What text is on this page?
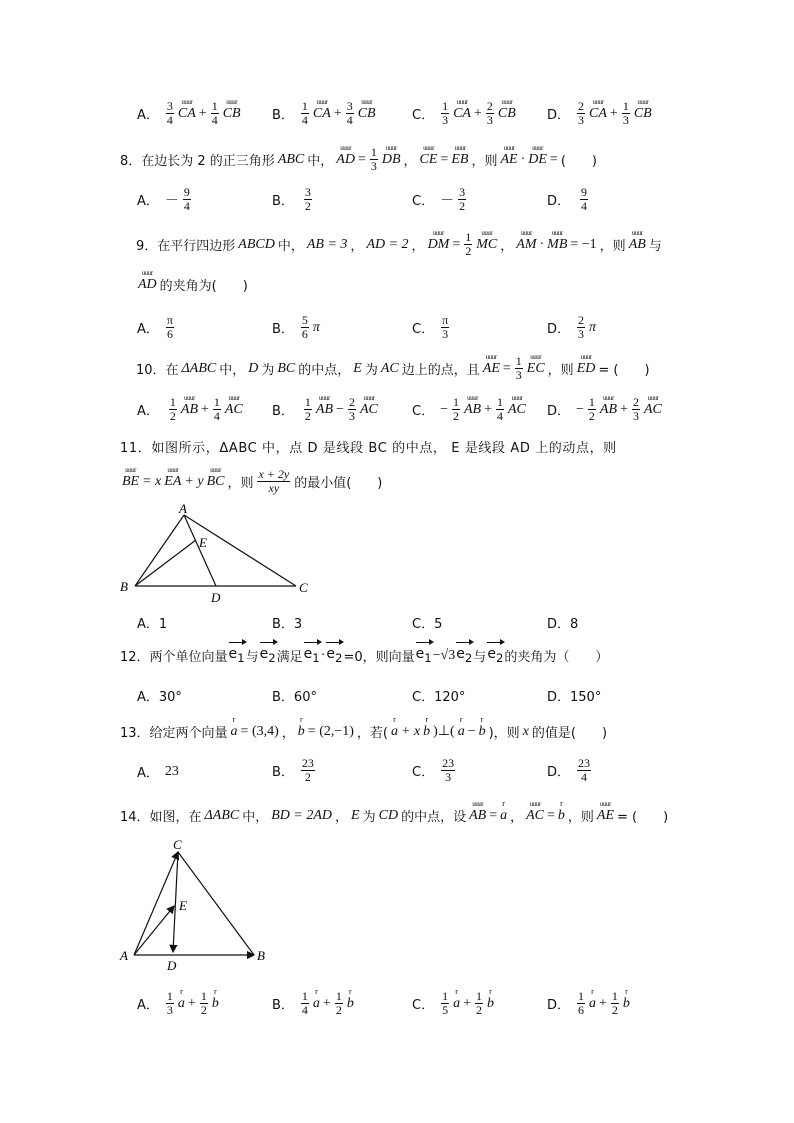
A．
3
4 uuur CA + $\frac{1}{4}$ uuur CB B．
1
4 uuur CA + $\frac{3}{4}$ uuur CB	C．
1
3 uuur CA + $\frac{2}{3}$ uuur CB D．
2
3 uuur CA + $\frac{1}{3}$ uuur CB
8．在边长为 2 的正三角形 ABC 中， uuur AD = $\frac{1}{3}$ uuur DB ， uuur CE = uuur EB ，则 uuur AE · uuur DE = (　　)
A． －
9
4	B．
3
2	C． －
3
2	D．
9
4
9．在平行四边形 ABCD 中， AB = 3 ， AD = 2 ， uuur DM = $\frac{1}{2}$ uuur MC ， uuur AM · uuur MB = −1 ，则 uuur AB 与
uuur AD 的夹角为(　　)
A．
π
6	B．
5
6 π	C．
π
3	D．
2
3 π
10．在 ΔABC 中， D 为 BC 的中点， E 为 AC 边上的点，且 uuur AE = $\frac{1}{3}$ uuur EC ，则 uuur ED = (　　)
A．
1
2 uuur AB + $\frac{1}{4}$ uuur AC B．
1
2 uuur AB − $\frac{2}{3}$ uuur AC	C． − $\frac{1}{2}$ uuur AB + $\frac{1}{4}$ uuur AC D． − $\frac{1}{2}$ uuur AB + $\frac{2}{3}$ uuur AC
11．如图所示，ΔABC 中，点 D 是线段 BC 的中点， E 是线段 AD 上的动点，则
uuur BE = x uuur EA + y uuur BC ，则
x + 2y
xy 的最小值(　　)
A
B	C
D
E
A．1	B．3	C．5	D．8
12．两个单位向量 $e_1$ 与 $e_2$ 满足 $e_1 \cdot e_2 =0$，则向量 $e_1 -√3$ $e_2$ 与 $e_2$ 的夹角为（　　）
A．30°	B．60°	C．120°	D．150°
13．给定两个向量 r a = (3,4) ， r b = (2,−1) ，若( r a + x r b )⊥( r a − r b )，则 x 的值是(　　)
A． 23	B．
23
2	C．
23
3	D．
23
4
14．如图，在 ΔABC 中， BD = 2AD ， E 为 CD 的中点，设 uuur AB = r a ， uuur AC = r b ，则 uuur AE = (　　)
A	B
C
D
E
A．
1
3 r $a + \frac{1}{2}$ r b	B．
1
4 r $a + \frac{1}{2}$ r b	C．
1
5 r $a + \frac{1}{2}$ r b	D．
1
6 r $a + \frac{1}{2}$ r b
